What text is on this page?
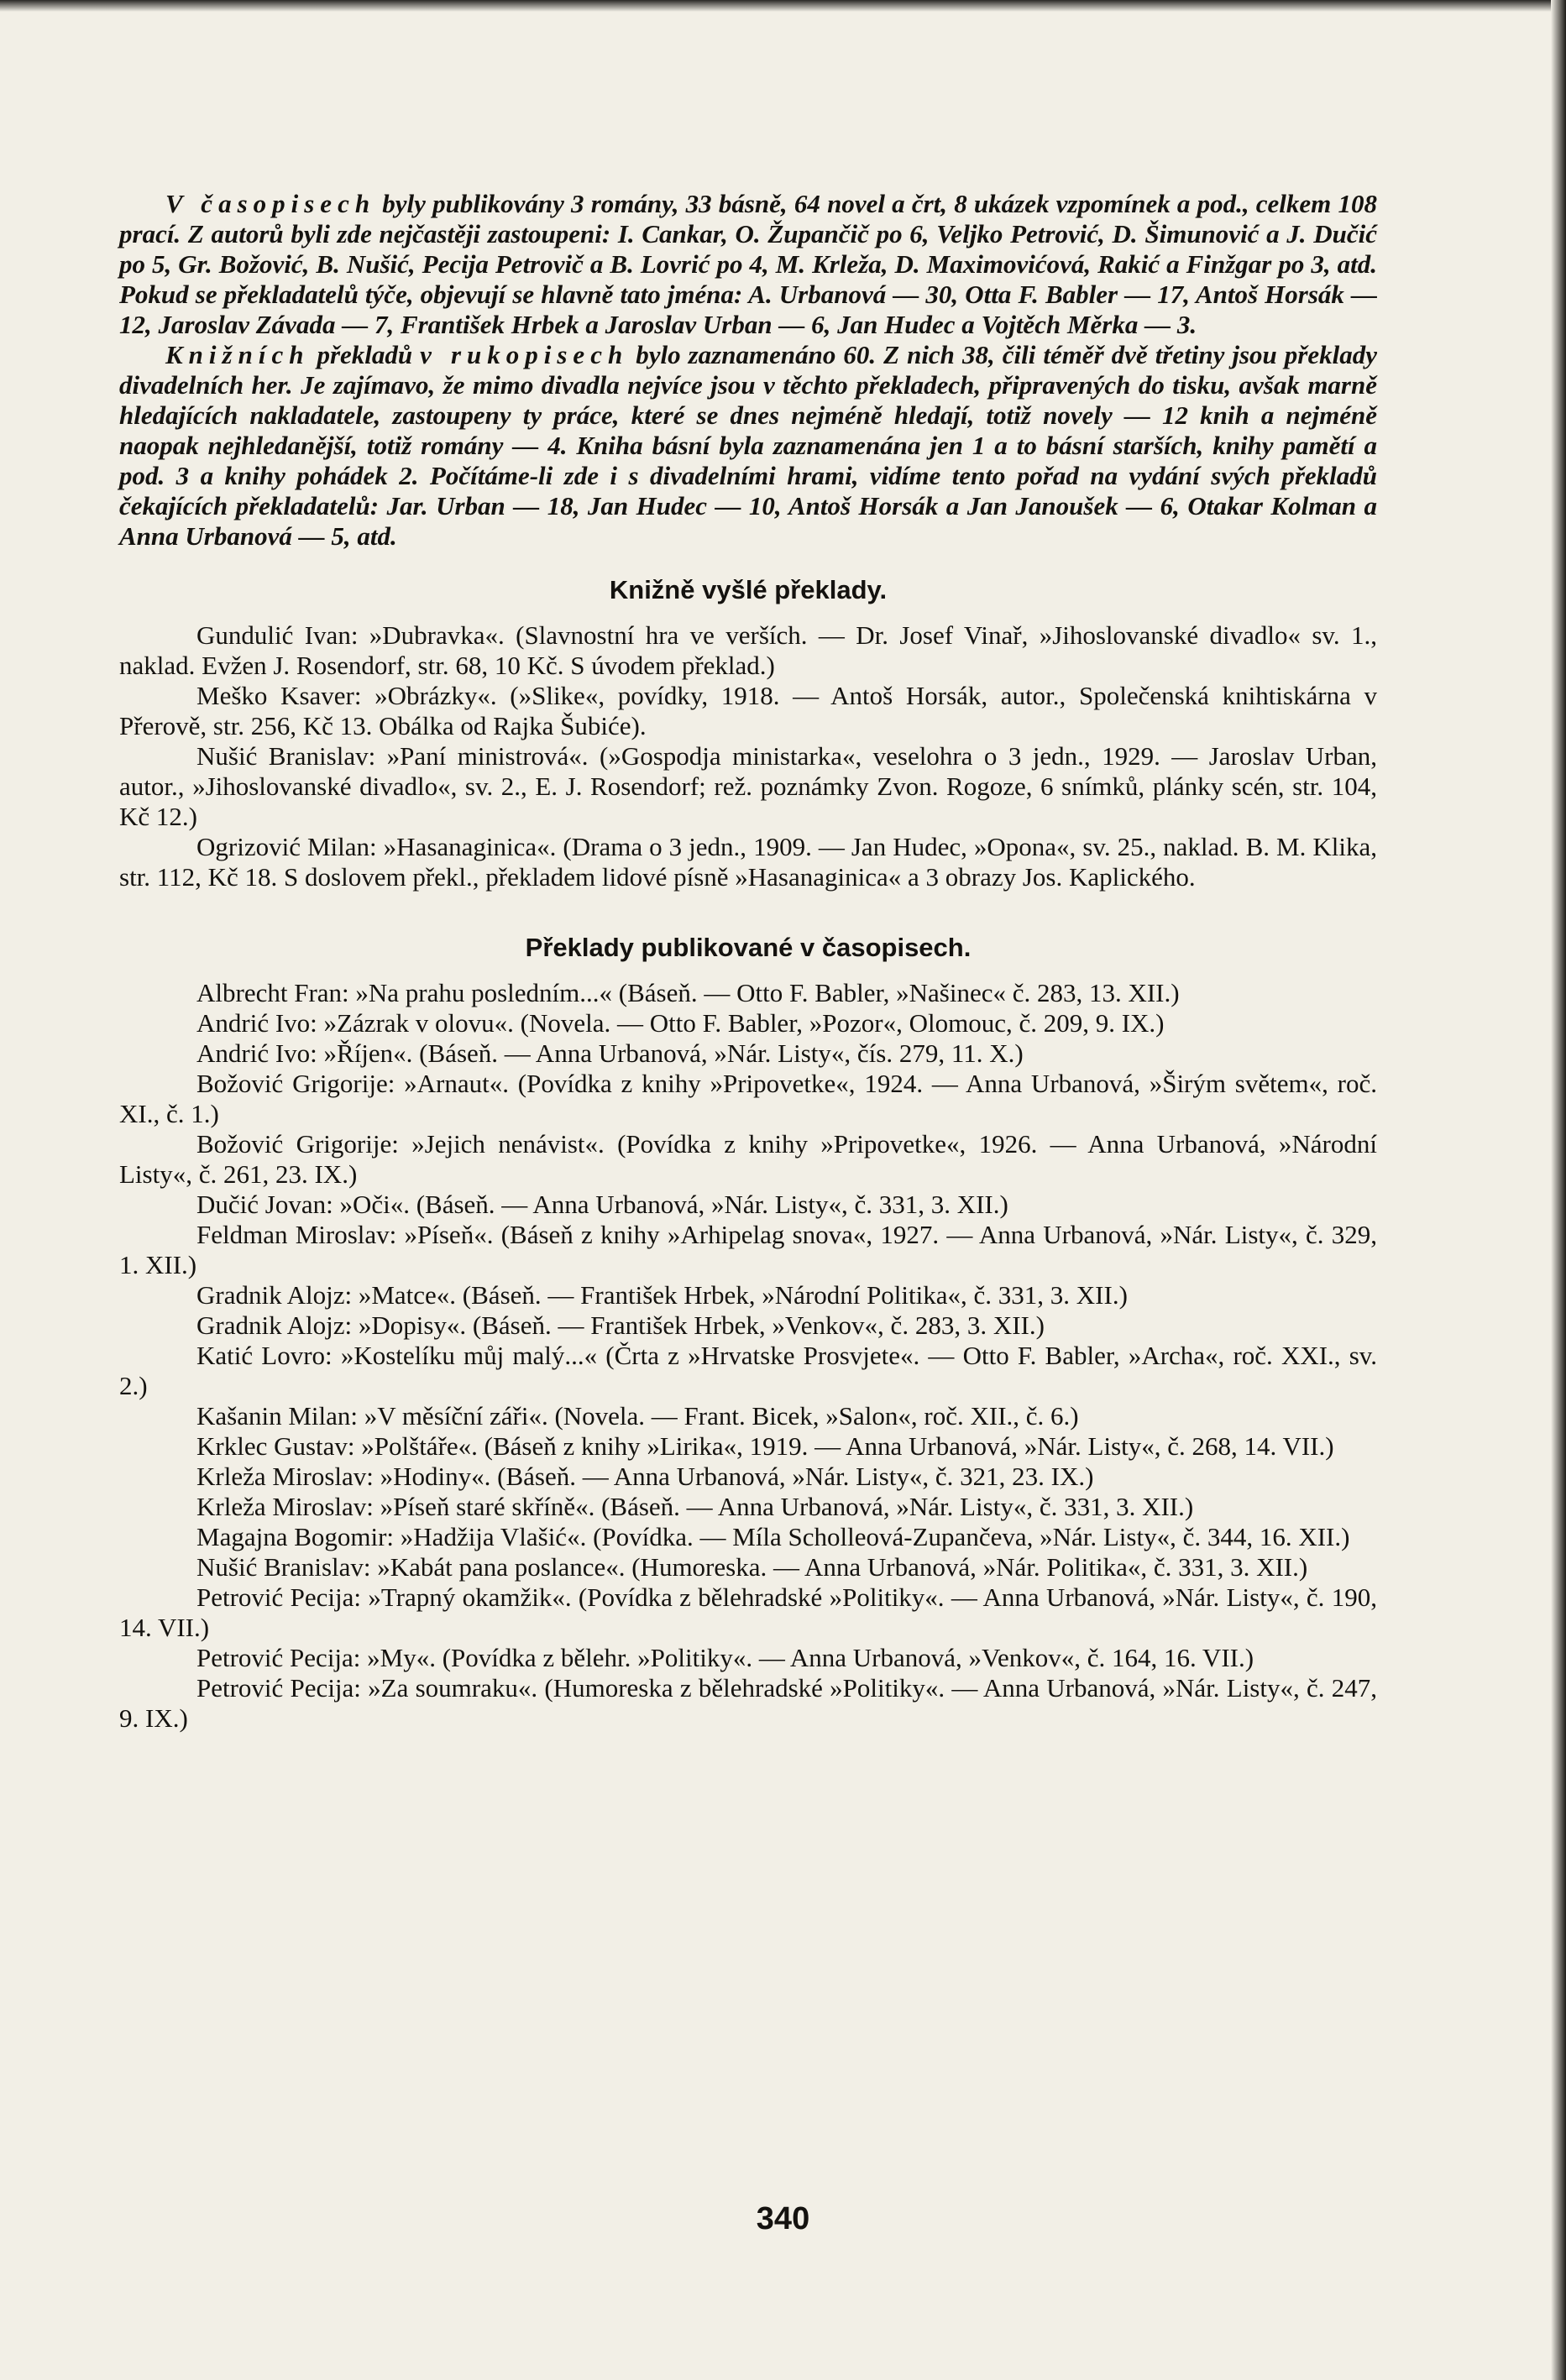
V časopisech byly publikovány 3 romány, 33 básně, 64 novel a črt, 8 ukázek vzpomínek a pod., celkem 108 prací. Z autorů byli zde nejčastěji zastoupeni: I. Cankar, O. Župančič po 6, Veljko Petrović, D. Šimunović a J. Dučić po 5, Gr. Božović, B. Nušić, Pecija Petrovič a B. Lovrić po 4, M. Krleža, D. Maximovićová, Rakić a Finžgar po 3, atd. Pokud se překladatelů týče, objevují se hlavně tato jména: A. Urbanová — 30, Otta F. Babler — 17, Antoš Horsák — 12, Jaroslav Závada — 7, František Hrbek a Jaroslav Urban — 6, Jan Hudec a Vojtěch Měrka — 3.

Knižních překladů v rukopisech bylo zaznamenáno 60. Z nich 38, čili téměř dvě třetiny jsou překlady divadelních her. Je zajímavo, že mimo divadla nejvíce jsou v těchto překladech, připravených do tisku, avšak marně hledajících nakladatele, zastoupeny ty práce, které se dnes nejméně hledají, totiž novely — 12 knih a nejméně naopak nejhledanější, totiž romány — 4. Kniha básní byla zaznamenána jen 1 a to básní starších, knihy pamětí a pod. 3 a knihy pohádek 2. Počítáme-li zde i s divadelními hrami, vidíme tento pořad na vydání svých překladů čekajících překladatelů: Jar. Urban — 18, Jan Hudec — 10, Antoš Horsák a Jan Janoušek — 6, Otakar Kolman a Anna Urbanová — 5, atd.

Knižně vyšlé překlady.

Gundulić Ivan: »Dubravka«. (Slavnostní hra ve verších. — Dr. Josef Vinař, »Jihoslovanské divadlo« sv. 1., naklad. Evžen J. Rosendorf, str. 68, 10 Kč. S úvodem překlad.)

Meško Ksaver: »Obrázky«. (»Slike«, povídky, 1918. — Antoš Horsák, autor., Společenská knihtiskárna v Přerově, str. 256, Kč 13. Obálka od Rajka Šubiće).

Nušić Branislav: »Paní ministrová«. (»Gospodja ministarka«, veselohra o 3 jedn., 1929. — Jaroslav Urban, autor., »Jihoslovanské divadlo«, sv. 2., E. J. Rosendorf; rež. poznámky Zvon. Rogoze, 6 snímků, plánky scén, str. 104, Kč 12.)

Ogrizović Milan: »Hasanaginica«. (Drama o 3 jedn., 1909. — Jan Hudec, »Opona«, sv. 25., naklad. B. M. Klika, str. 112, Kč 18. S doslovem překl., překladem lidové písně »Hasanaginica« a 3 obrazy Jos. Kaplického.

Překlady publikované v časopisech.

Albrecht Fran: »Na prahu posledním...« (Báseň. — Otto F. Babler, »Našinec« č. 283, 13. XII.)

Andrić Ivo: »Zázrak v olovu«. (Novela. — Otto F. Babler, »Pozor«, Olomouc, č. 209, 9. IX.)

Andrić Ivo: »Říjen«. (Báseň. — Anna Urbanová, »Nár. Listy«, čís. 279, 11. X.)

Božović Grigorije: »Arnaut«. (Povídka z knihy »Pripovetke«, 1924. — Anna Urbanová, »Širým světem«, roč. XI., č. 1.)

Božović Grigorije: »Jejich nenávist«. (Povídka z knihy »Pripovetke«, 1926. — Anna Urbanová, »Národní Listy«, č. 261, 23. IX.)

Dučić Jovan: »Oči«. (Báseň. — Anna Urbanová, »Nár. Listy«, č. 331, 3. XII.)

Feldman Miroslav: »Píseň«. (Báseň z knihy »Arhipelag snova«, 1927. — Anna Urbanová, »Nár. Listy«, č. 329, 1. XII.)

Gradnik Alojz: »Matce«. (Báseň. — František Hrbek, »Národní Politika«, č. 331, 3. XII.)

Gradnik Alojz: »Dopisy«. (Báseň. — František Hrbek, »Venkov«, č. 283, 3. XII.)

Katić Lovro: »Kostelíku můj malý...« (Črta z »Hrvatske Prosvjete«. — Otto F. Babler, »Archa«, roč. XXI., sv. 2.)

Kašanin Milan: »V měsíční záři«. (Novela. — Frant. Bicek, »Salon«, roč. XII., č. 6.)

Krklec Gustav: »Polštáře«. (Báseň z knihy »Lirika«, 1919. — Anna Urbanová, »Nár. Listy«, č. 268, 14. VII.)

Krleža Miroslav: »Hodiny«. (Báseň. — Anna Urbanová, »Nár. Listy«, č. 321, 23. IX.)

Krleža Miroslav: »Píseň staré skříně«. (Báseň. — Anna Urbanová, »Nár. Listy«, č. 331, 3. XII.)

Magajna Bogomir: »Hadžija Vlašić«. (Povídka. — Míla Scholleová-Zupančeva, »Nár. Listy«, č. 344, 16. XII.)

Nušić Branislav: »Kabát pana poslance«. (Humoreska. — Anna Urbanová, »Nár. Politika«, č. 331, 3. XII.)

Petrović Pecija: »Trapný okamžik«. (Povídka z bělehradské »Politiky«. — Anna Urbanová, »Nár. Listy«, č. 190, 14. VII.)

Petrović Pecija: »My«. (Povídka z bělehr. »Politiky«. — Anna Urbanová, »Venkov«, č. 164, 16. VII.)

Petrović Pecija: »Za soumraku«. (Humoreska z bělehradské »Politiky«. — Anna Urbanová, »Nár. Listy«, č. 247, 9. IX.)

340
